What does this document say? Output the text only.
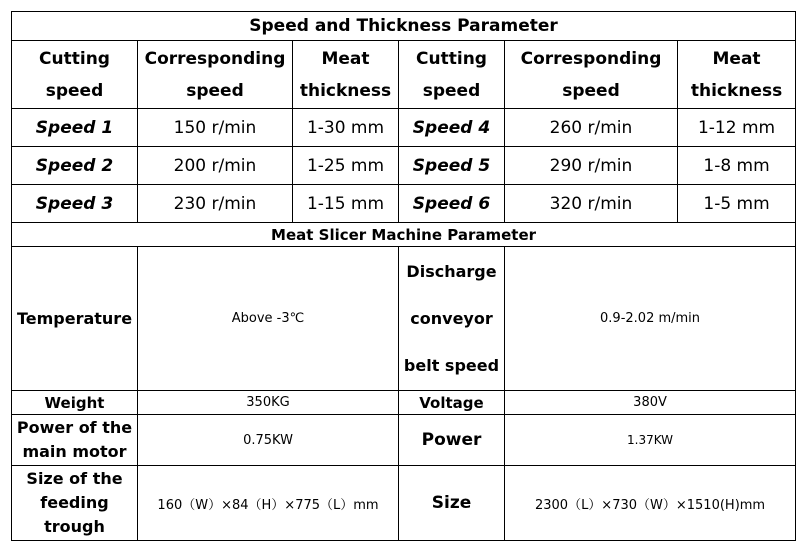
Speed and Thickness Parameter					
Cutting
speed	Corresponding
speed	Meat
thickness	Cutting
speed	Corresponding
speed	Meat
thickness
Speed 1	150 r/min	1-30 mm	Speed 4	260 r/min	1-12 mm
Speed 2	200 r/min	1-25 mm	Speed 5	290 r/min	1-8 mm
Speed 3	230 r/min	1-15 mm	Speed 6	320 r/min	1-5 mm
Meat Slicer Machine Parameter					
Temperature	Above -3℃		Discharge
conveyor
belt speed	0.9-2.02 m/min	
Weight	350KG		Voltage	380V	
Power of the
main motor	0.75KW		Power	1.37KW	
Size of the
feeding
trough	160（W）×84（H）×775（L）mm		Size	2300（L）×730（W）×1510(H)mm	
